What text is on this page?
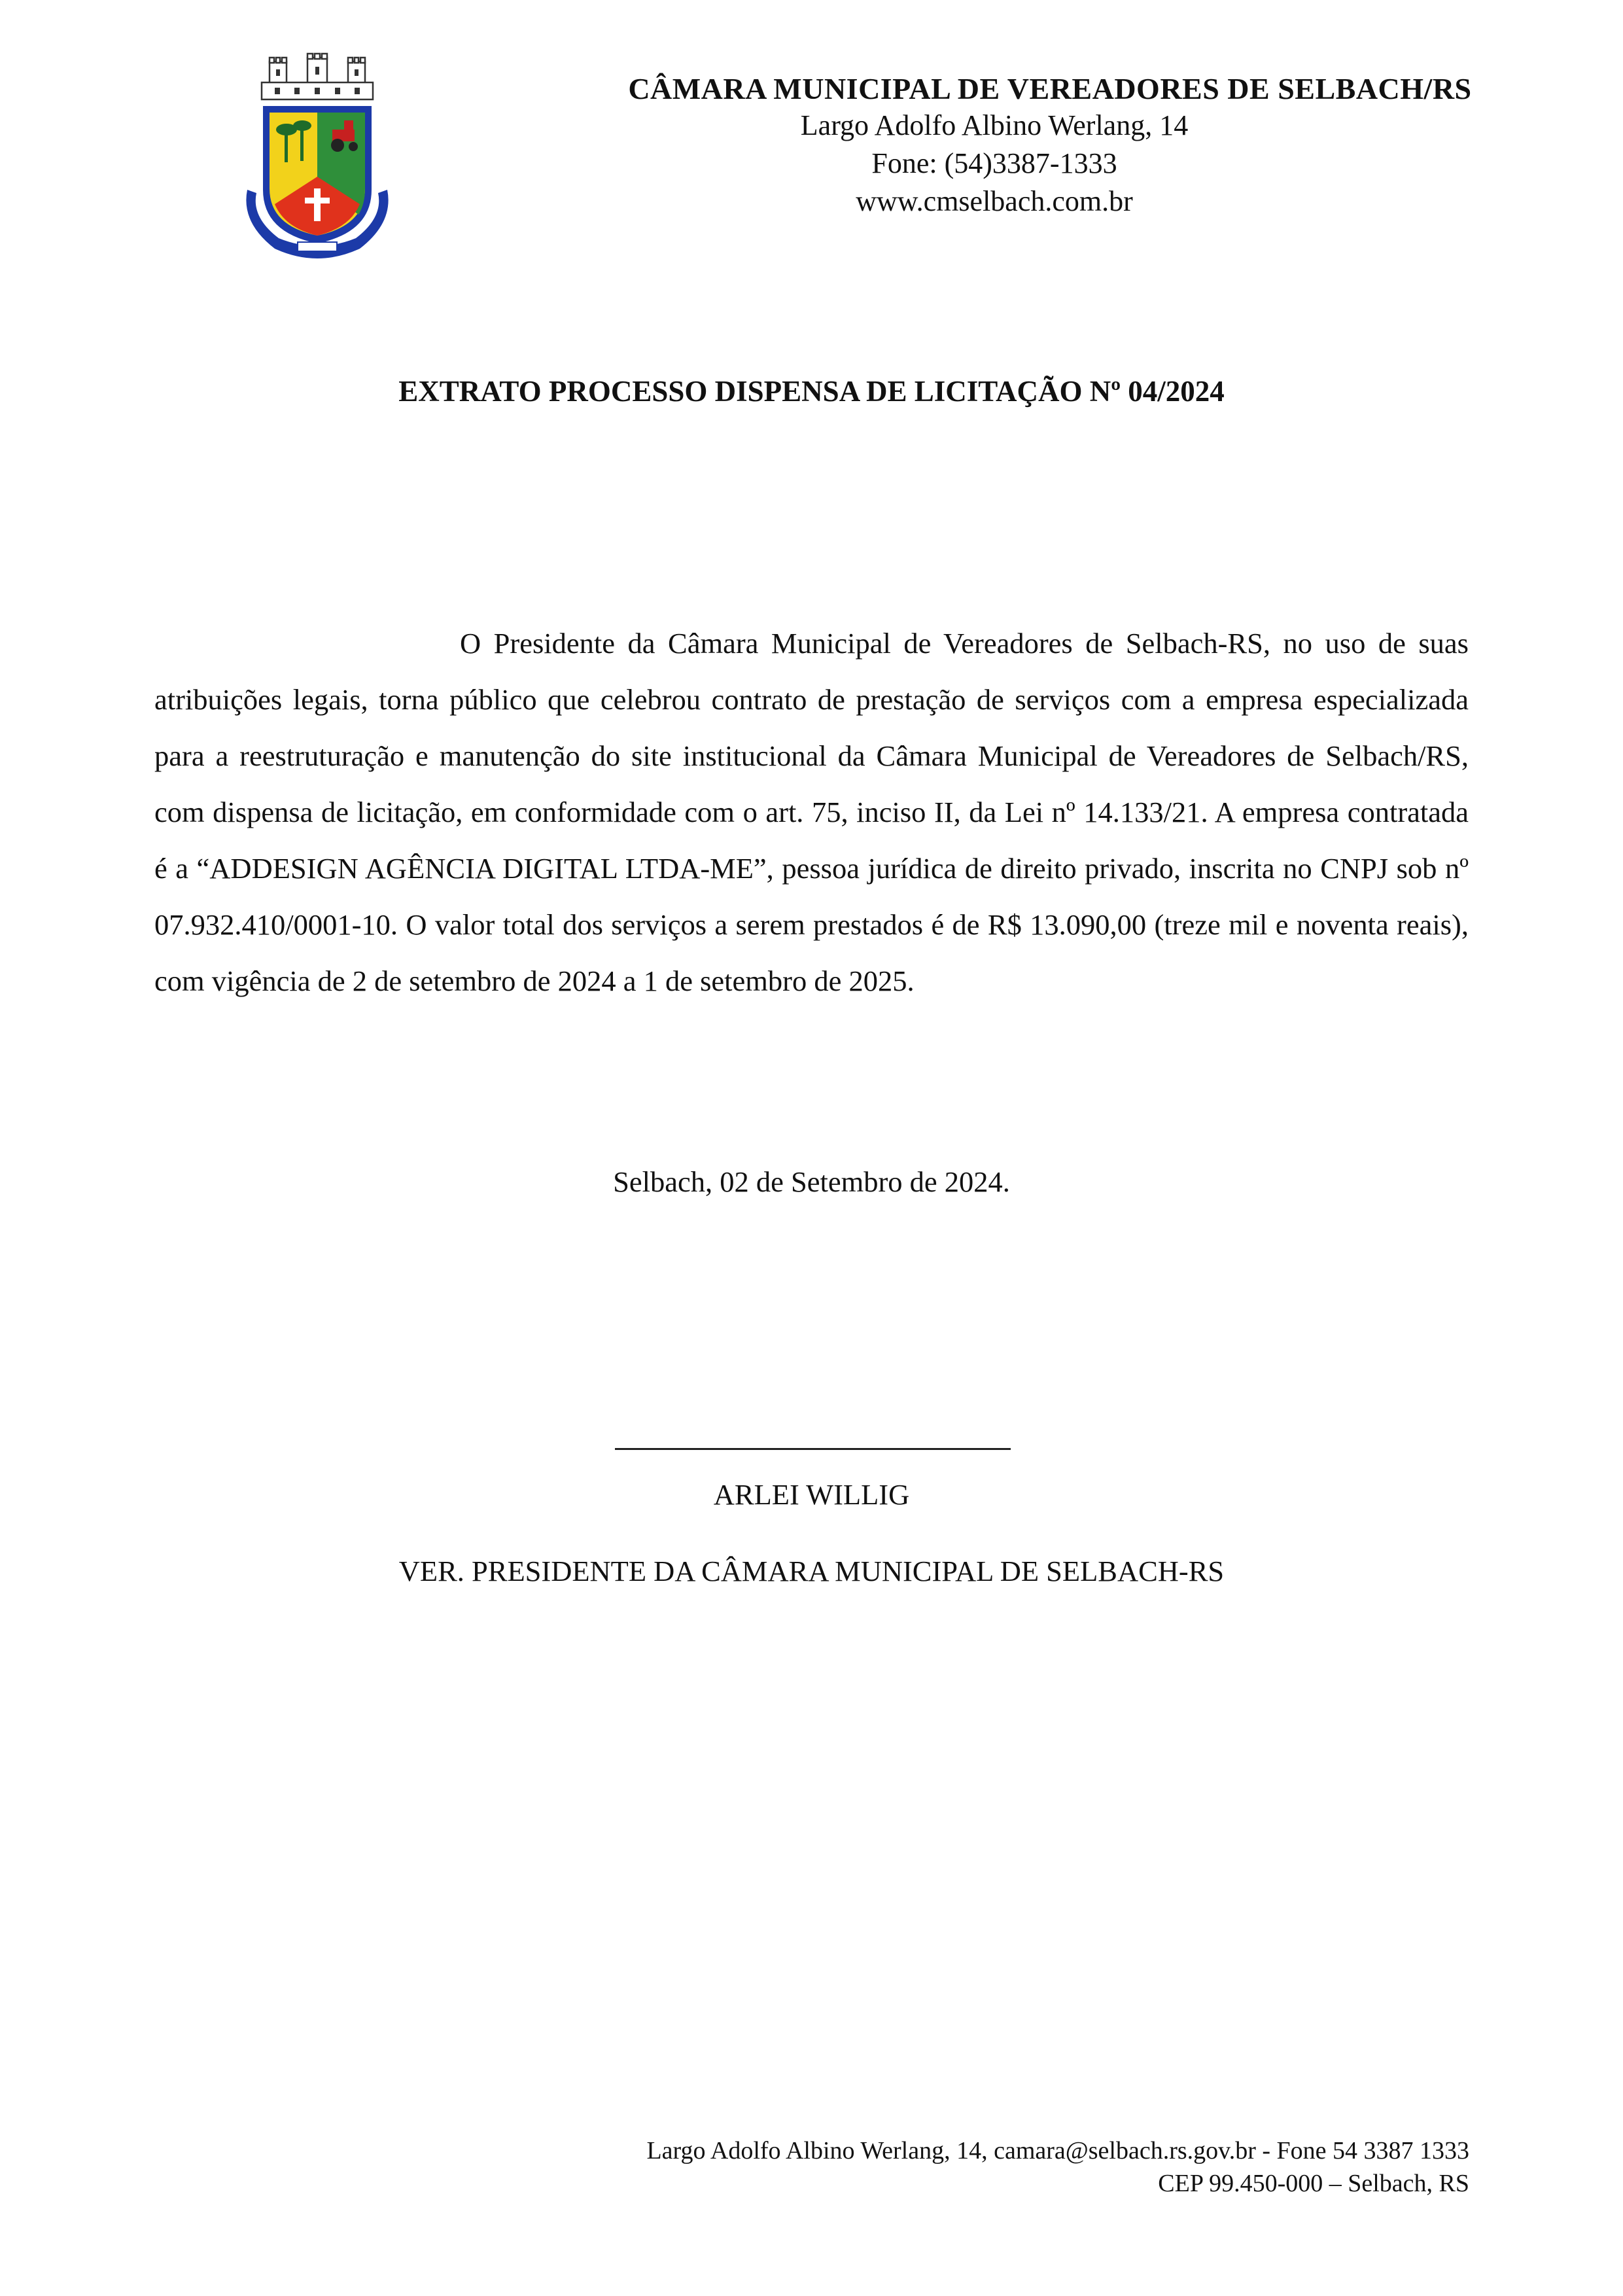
CÂMARA MUNICIPAL DE VEREADORES DE SELBACH/RS
Largo Adolfo Albino Werlang, 14
Fone: (54)3387-1333
www.cmselbach.com.br
EXTRATO PROCESSO DISPENSA DE LICITAÇÃO Nº 04/2024
O Presidente da Câmara Municipal de Vereadores de Selbach-RS, no uso de suas atribuições legais, torna público que celebrou contrato de prestação de serviços com a empresa especializada para a reestruturação e manutenção do site institucional da Câmara Municipal de Vereadores de Selbach/RS, com dispensa de licitação, em conformidade com o art. 75, inciso II, da Lei nº 14.133/21. A empresa contratada é a “ADDESIGN AGÊNCIA DIGITAL LTDA-ME”, pessoa jurídica de direito privado, inscrita no CNPJ sob nº 07.932.410/0001-10. O valor total dos serviços a serem prestados é de R$ 13.090,00 (treze mil e noventa reais), com vigência de 2 de setembro de 2024 a 1 de setembro de 2025.
Selbach, 02 de Setembro de 2024.
ARLEI WILLIG
VER. PRESIDENTE DA CÂMARA MUNICIPAL DE SELBACH-RS
Largo Adolfo Albino Werlang, 14, camara@selbach.rs.gov.br - Fone 54 3387 1333
CEP 99.450-000 – Selbach, RS
